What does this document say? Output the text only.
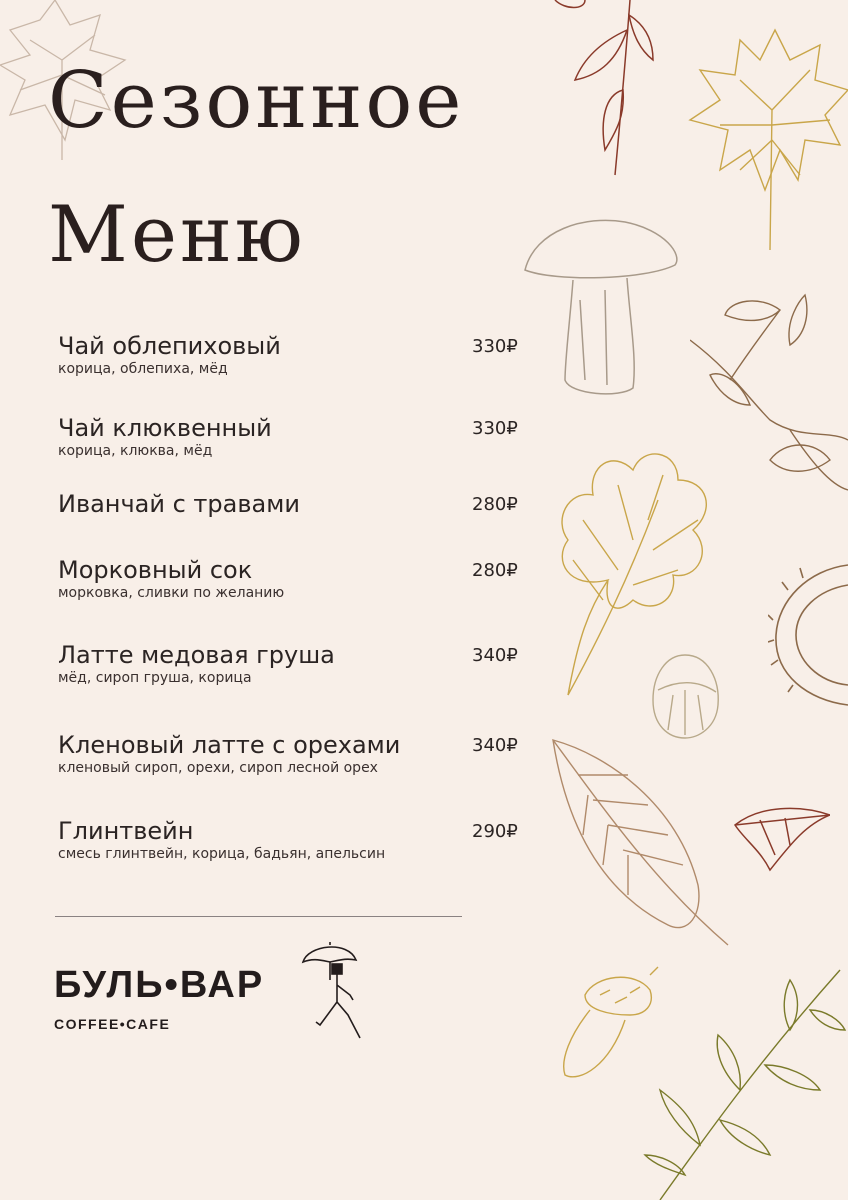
Сезонное
Меню
Чай облепиховый
корица, облепиха, мёд
330₽
Чай клюквенный
корица, клюква, мёд
330₽
Иванчай с травами	280₽
Морковный сок
морковка, сливки по желанию
280₽
Латте медовая груша
мёд, сироп груша, корица
340₽
Кленовый латте с орехами
кленовый сироп, орехи, сироп лесной орех
340₽
Глинтвейн
смесь глинтвейн, корица, бадьян, апельсин
290₽
БУЛЬ•ВАР
COFFEE•CAFE
